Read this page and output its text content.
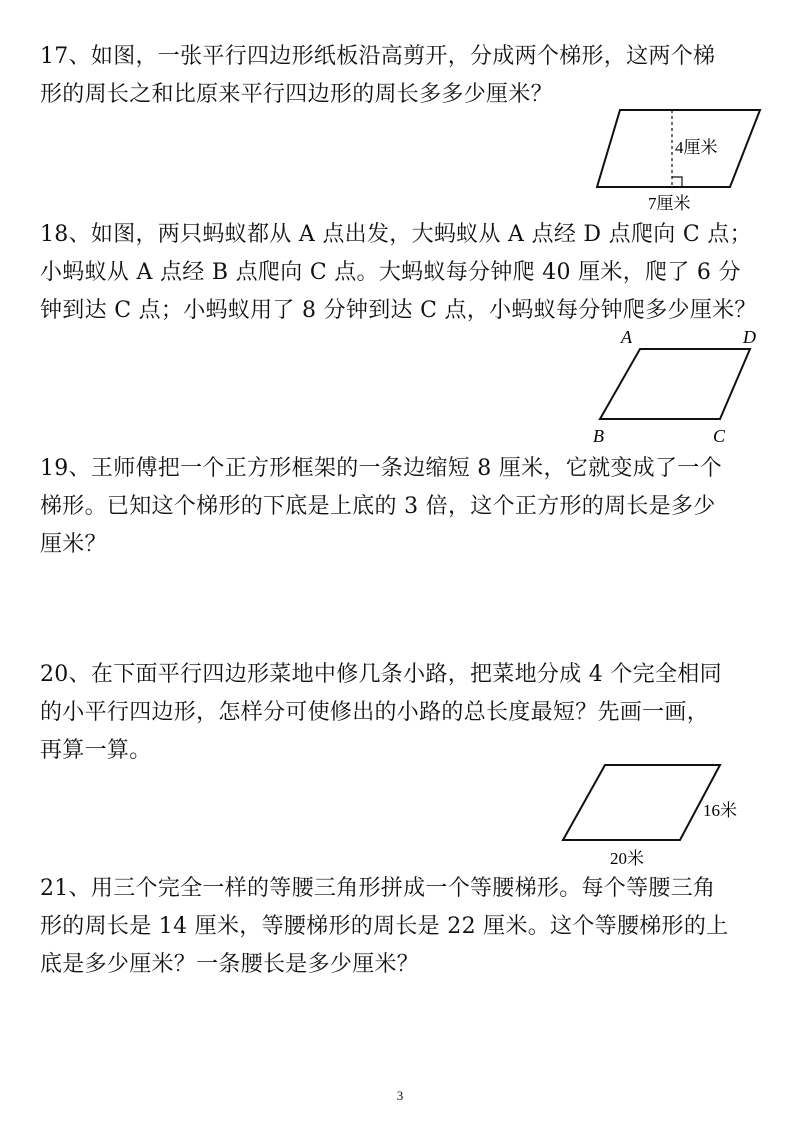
17、如图，一张平行四边形纸板沿高剪开，分成两个梯形，这两个梯

形的周长之和比原来平行四边形的周长多多少厘米？

4厘米
7厘米

18、如图，两只蚂蚁都从 A 点出发，大蚂蚁从 A 点经 D 点爬向 C 点；

小蚂蚁从 A 点经 B 点爬向 C 点。大蚂蚁每分钟爬 40 厘米，爬了 6 分

钟到达 C 点；小蚂蚁用了 8 分钟到达 C 点，小蚂蚁每分钟爬多少厘米？

A	D
B	C

19、王师傅把一个正方形框架的一条边缩短 8 厘米，它就变成了一个

梯形。已知这个梯形的下底是上底的 3 倍，这个正方形的周长是多少

厘米？

20、在下面平行四边形菜地中修几条小路，把菜地分成 4 个完全相同

的小平行四边形，怎样分可使修出的小路的总长度最短？先画一画，

再算一算。

16米
20米

21、用三个完全一样的等腰三角形拼成一个等腰梯形。每个等腰三角

形的周长是 14 厘米，等腰梯形的周长是 22 厘米。这个等腰梯形的上

底是多少厘米？一条腰长是多少厘米？

3
